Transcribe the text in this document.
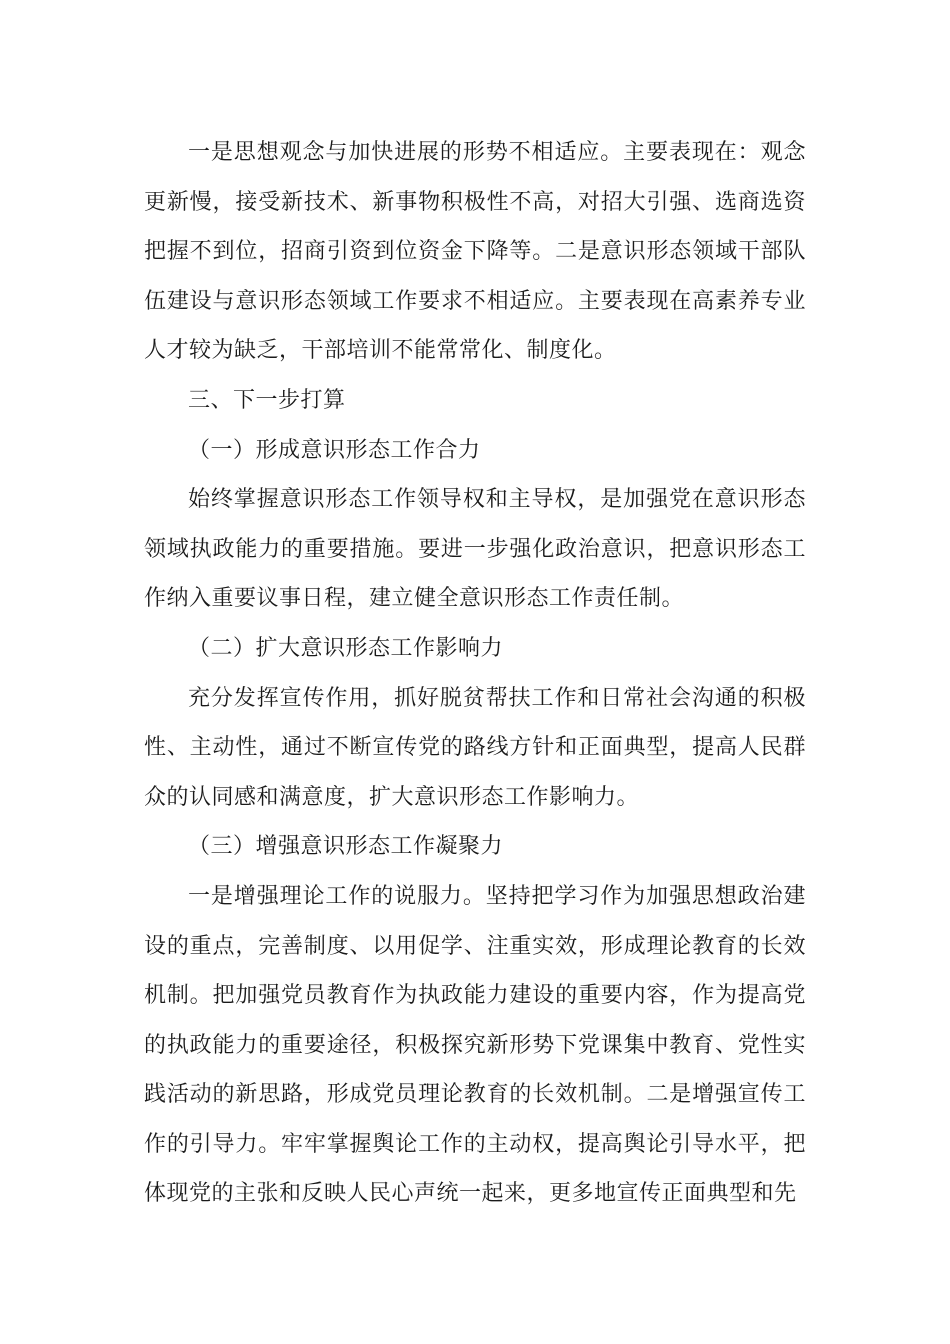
一是思想观念与加快进展的形势不相适应。主要表现在：观念更新慢，接受新技术、新事物积极性不高，对招大引强、选商选资把握不到位，招商引资到位资金下降等。二是意识形态领域干部队伍建设与意识形态领域工作要求不相适应。主要表现在高素养专业人才较为缺乏，干部培训不能常常化、制度化。

三、下一步打算

（一）形成意识形态工作合力

始终掌握意识形态工作领导权和主导权，是加强党在意识形态领域执政能力的重要措施。要进一步强化政治意识，把意识形态工作纳入重要议事日程，建立健全意识形态工作责任制。

（二）扩大意识形态工作影响力

充分发挥宣传作用，抓好脱贫帮扶工作和日常社会沟通的积极性、主动性，通过不断宣传党的路线方针和正面典型，提高人民群众的认同感和满意度，扩大意识形态工作影响力。

（三）增强意识形态工作凝聚力

一是增强理论工作的说服力。坚持把学习作为加强思想政治建设的重点，完善制度、以用促学、注重实效，形成理论教育的长效机制。把加强党员教育作为执政能力建设的重要内容，作为提高党的执政能力的重要途径，积极探究新形势下党课集中教育、党性实践活动的新思路，形成党员理论教育的长效机制。二是增强宣传工作的引导力。牢牢掌握舆论工作的主动权，提高舆论引导水平，把体现党的主张和反映人民心声统一起来，更多地宣传正面典型和先
